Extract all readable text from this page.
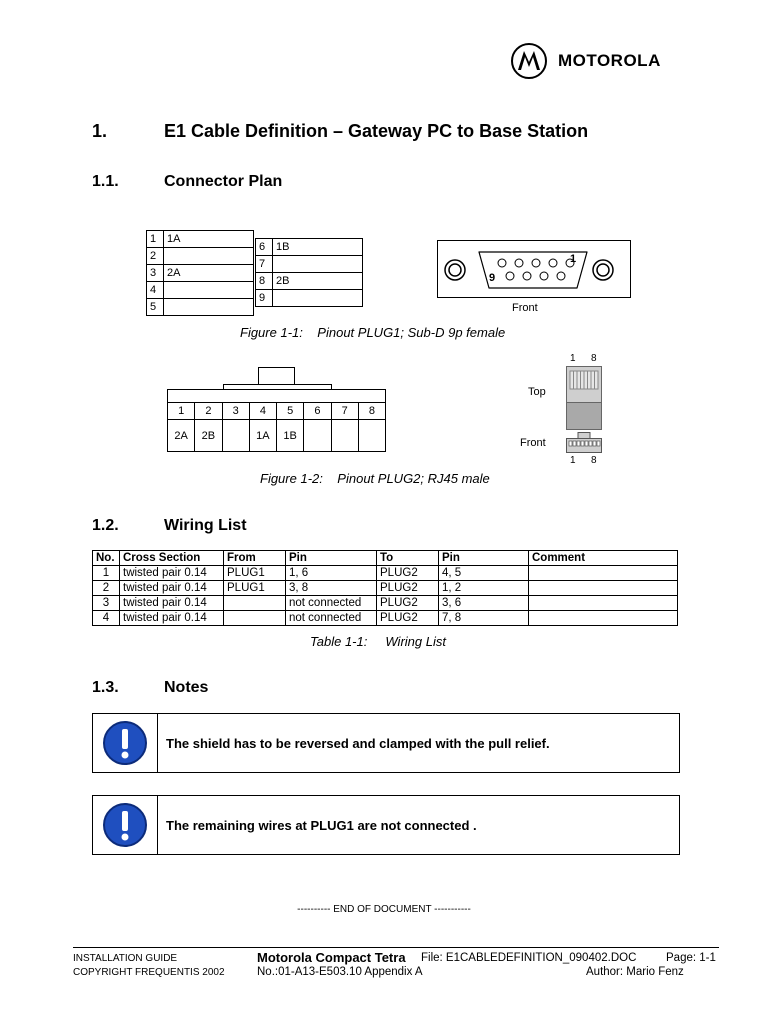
MOTOROLA
1.	E1 Cable Definition – Gateway PC to Base Station
1.1.	Connector Plan
1	1A
2	
3	2A
4	
5	
6	1B
7	
8	2B
9	
1
9
Front
Figure 1-1:    Pinout PLUG1; Sub-D 9p female
1	2	3	4	5	6	7	8
2A	2B		1A	1B			
1 8
Top
Front
1 8
Figure 1-2:    Pinout PLUG2; RJ45 male
1.2.	Wiring List
No.	Cross Section	From	Pin	To	Pin	Comment
1	twisted pair 0.14	PLUG1	1, 6	PLUG2	4, 5	
2	twisted pair 0.14	PLUG1	3, 8	PLUG2	1, 2	
3	twisted pair 0.14		not connected	PLUG2	3, 6	
4	twisted pair 0.14		not connected	PLUG2	7, 8	
Table 1-1:     Wiring List
1.3.	Notes
The shield has to be reversed and clamped with the pull relief.
The remaining wires at PLUG1 are not connected .
---------- END OF DOCUMENT -----------
INSTALLATION GUIDE
COPYRIGHT FREQUENTIS 2002
Motorola Compact Tetra File: E1CABLEDEFINITION_090402.DOC	Page: 1-1
No.:01-A13-E503.10 Appendix A	Author: Mario Fenz
